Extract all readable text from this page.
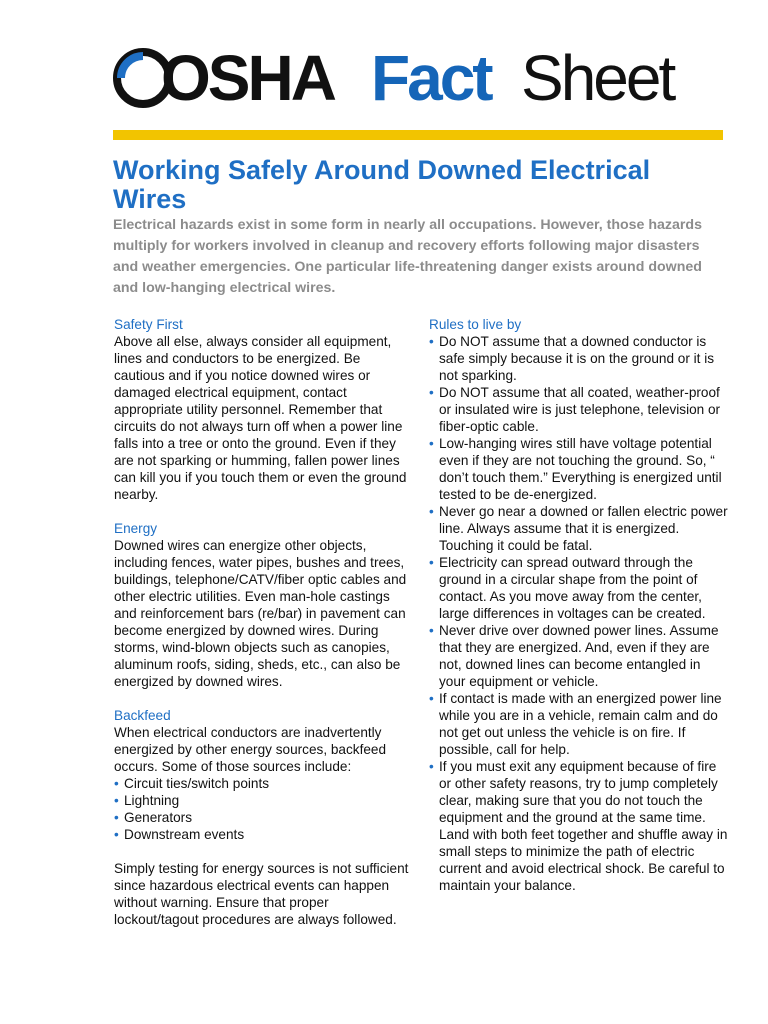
OSHA Fact Sheet
Working Safely Around Downed Electrical Wires

Electrical hazards exist in some form in nearly all occupations. However, those hazards multiply for workers involved in cleanup and recovery efforts following major disasters and weather emergencies. One particular life-threatening danger exists around downed and low-hanging electrical wires.

Safety First

Above all else, always consider all equipment, lines and conductors to be energized. Be cautious and if you notice downed wires or damaged electrical equipment, contact appropriate utility personnel. Remember that circuits do not always turn off when a power line falls into a tree or onto the ground. Even if they are not sparking or humming, fallen power lines can kill you if you touch them or even the ground nearby.

Energy

Downed wires can energize other objects, including fences, water pipes, bushes and trees, buildings, telephone/CATV/fiber optic cables and other electric utilities. Even man-hole castings and reinforcement bars (re/bar) in pavement can become energized by downed wires. During storms, wind-blown objects such as canopies, aluminum roofs, siding, sheds, etc., can also be energized by downed wires.

Backfeed

When electrical conductors are inadvertently energized by other energy sources, backfeed occurs. Some of those sources include:

• Circuit ties/switch points
• Lightning
• Generators
• Downstream events

Simply testing for energy sources is not sufficient since hazardous electrical events can happen without warning. Ensure that proper lockout/tagout procedures are always followed.

Rules to live by
• Do NOT assume that a downed conductor is safe simply because it is on the ground or it is not sparking.
• Do NOT assume that all coated, weather-proof or insulated wire is just telephone, television or fiber-optic cable.
• Low-hanging wires still have voltage potential even if they are not touching the ground. So, “ don’t touch them.” Everything is energized until tested to be de-energized.
• Never go near a downed or fallen electric power line. Always assume that it is energized. Touching it could be fatal.
• Electricity can spread outward through the ground in a circular shape from the point of contact. As you move away from the center, large differences in voltages can be created.
• Never drive over downed power lines. Assume that they are energized. And, even if they are not, downed lines can become entangled in your equipment or vehicle.
• If contact is made with an energized power line while you are in a vehicle, remain calm and do not get out unless the vehicle is on fire. If possible, call for help.
• If you must exit any equipment because of fire or other safety reasons, try to jump completely clear, making sure that you do not touch the equipment and the ground at the same time. Land with both feet together and shuffle away in small steps to minimize the path of electric current and avoid electrical shock. Be careful to maintain your balance.
